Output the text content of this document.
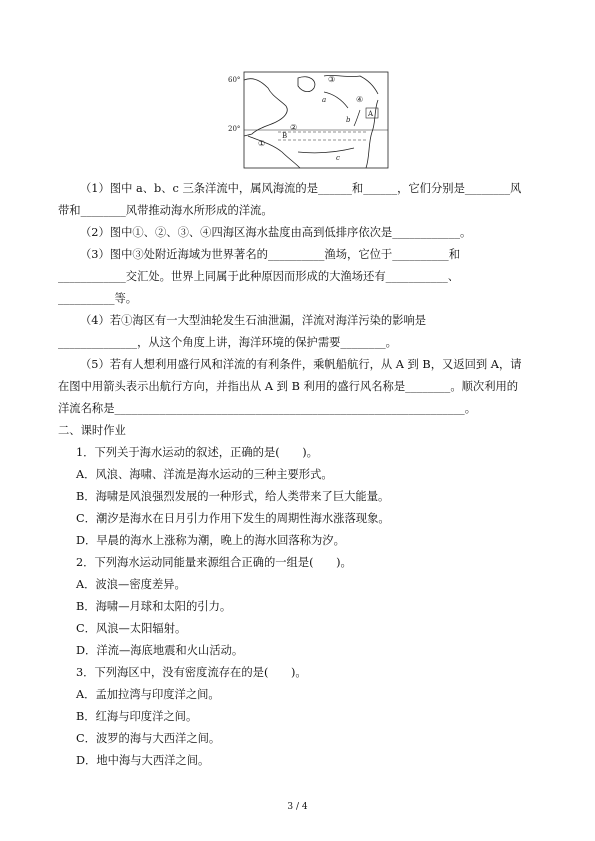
60°
20°
a
b
c
A
B
①
②
③
④

（1）图中 a、b、c 三条洋流中，属风海流的是______和______，它们分别是________风

带和________风带推动海水所形成的洋流。

（2）图中①、②、③、④四海区海水盐度由高到低排序依次是____________。

（3）图中③处附近海域为世界著名的__________渔场，它位于__________和

____________交汇处。世界上同属于此种原因而形成的大渔场还有___________、

__________等。

（4）若①海区有一大型油轮发生石油泄漏，洋流对海洋污染的影响是

______________，从这个角度上讲，海洋环境的保护需要________。

（5）若有人想利用盛行风和洋流的有利条件，乘帆船航行，从 A 到 B，又返回到 A，请

在图中用箭头表示出航行方向，并指出从 A 到 B 利用的盛行风名称是________。顺次利用的

洋流名称是______________________________________________________________。

二、课时作业

1．下列关于海水运动的叙述，正确的是(　　)。

A．风浪、海啸、洋流是海水运动的三种主要形式。

B．海啸是风浪强烈发展的一种形式，给人类带来了巨大能量。

C．潮汐是海水在日月引力作用下发生的周期性海水涨落现象。

D．早晨的海水上涨称为潮，晚上的海水回落称为汐。

2．下列海水运动同能量来源组合正确的一组是(　　)。

A．波浪—密度差异。

B．海啸—月球和太阳的引力。

C．风浪—太阳辐射。

D．洋流—海底地震和火山活动。

3．下列海区中，没有密度流存在的是(　　)。

A．孟加拉湾与印度洋之间。

B．红海与印度洋之间。

C．波罗的海与大西洋之间。

D．地中海与大西洋之间。

3 / 4
